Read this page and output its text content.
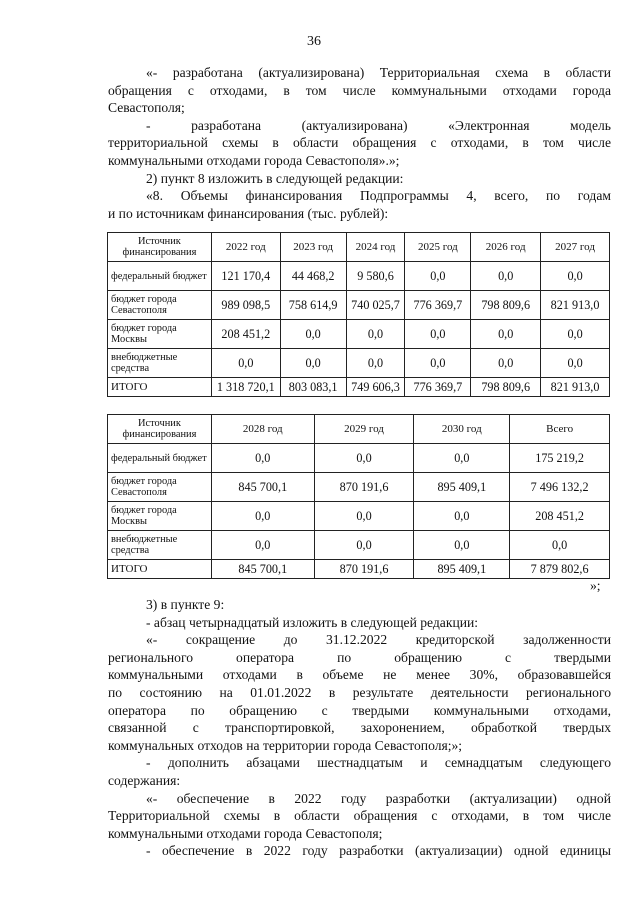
36
«- разработана (актуализирована) Территориальная схема в области
обращения с отходами, в том числе коммунальными отходами города
Севастополя;
- разработана (актуализирована) «Электронная модель
территориальной схемы в области обращения с отходами, в том числе
коммунальными отходами города Севастополя».»;
2) пункт 8 изложить в следующей редакции:
«8. Объемы финансирования Подпрограммы 4, всего, по годам
и по источникам финансирования (тыс. рублей):
Источник финансирования	2022 год	2023 год	2024 год	2025 год	2026 год	2027 год
федеральный бюджет	121 170,4	44 468,2	9 580,6	0,0	0,0	0,0
бюджет города Севастополя	989 098,5	758 614,9	740 025,7	776 369,7	798 809,6	821 913,0
бюджет города Москвы	208 451,2	0,0	0,0	0,0	0,0	0,0
внебюджетные средства	0,0	0,0	0,0	0,0	0,0	0,0
ИТОГО	1 318 720,1	803 083,1	749 606,3	776 369,7	798 809,6	821 913,0
Источник финансирования	2028 год	2029 год	2030 год	Всего
федеральный бюджет	0,0	0,0	0,0	175 219,2
бюджет города Севастополя	845 700,1	870 191,6	895 409,1	7 496 132,2
бюджет города Москвы	0,0	0,0	0,0	208 451,2
внебюджетные средства	0,0	0,0	0,0	0,0
ИТОГО	845 700,1	870 191,6	895 409,1	7 879 802,6
»;
3) в пункте 9:
- абзац четырнадцатый изложить в следующей редакции:
«- сокращение до 31.12.2022 кредиторской задолженности
регионального оператора по обращению с твердыми
коммунальными отходами в объеме не менее 30%, образовавшейся
по состоянию на 01.01.2022 в результате деятельности регионального
оператора по обращению с твердыми коммунальными отходами,
связанной с транспортировкой, захоронением, обработкой твердых
коммунальных отходов на территории города Севастополя;»;
- дополнить абзацами шестнадцатым и семнадцатым следующего
содержания:
«- обеспечение в 2022 году разработки (актуализации) одной
Территориальной схемы в области обращения с отходами, в том числе
коммунальными отходами города Севастополя;
- обеспечение в 2022 году разработки (актуализации) одной единицы
